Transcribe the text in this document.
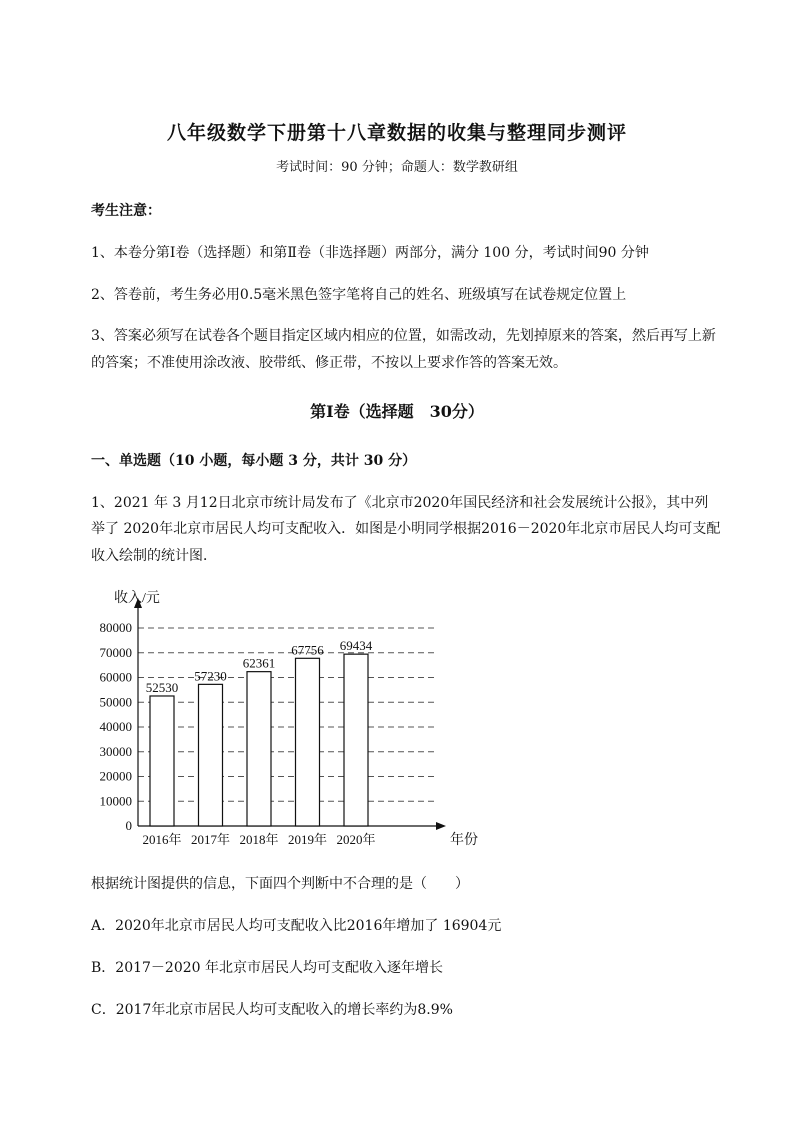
八年级数学下册第十八章数据的收集与整理同步测评
考试时间：90 分钟；命题人：数学教研组
考生注意：
1、本卷分第Ⅰ卷（选择题）和第Ⅱ卷（非选择题）两部分，满分 100 分，考试时间90 分钟
2、答卷前，考生务必用0.5毫米黑色签字笔将自己的姓名、班级填写在试卷规定位置上
3、答案必须写在试卷各个题目指定区域内相应的位置，如需改动，先划掉原来的答案，然后再写上新
的答案；不准使用涂改液、胶带纸、修正带，不按以上要求作答的答案无效。
第Ⅰ卷（选择题　30分）
一、单选题（10 小题，每小题 3 分，共计 30 分）
1、2021 年 3 月12日北京市统计局发布了《北京市2020年国民经济和社会发展统计公报》，其中列
举了 2020年北京市居民人均可支配收入．如图是小明同学根据2016－2020年北京市居民人均可支配
收入绘制的统计图．
0
10000
20000
30000
40000
50000
60000
70000
80000
收入/元
年份
52530
2016年
57230
2017年
62361
2018年
67756
2019年
69434
2020年
根据统计图提供的信息，下面四个判断中不合理的是（　　）
A．2020年北京市居民人均可支配收入比2016年增加了 16904元
B．2017－2020 年北京市居民人均可支配收入逐年增长
C．2017年北京市居民人均可支配收入的增长率约为8.9%
